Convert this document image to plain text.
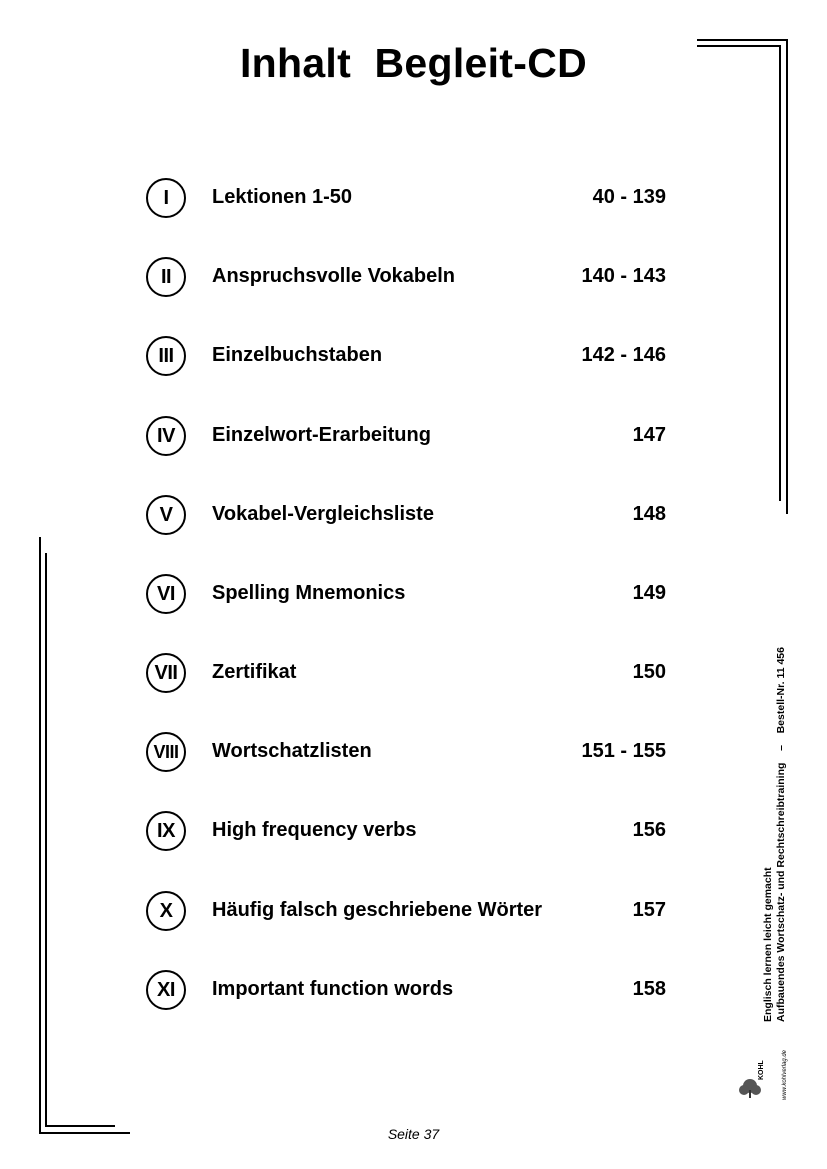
Inhalt  Begleit-CD
I	Lektionen 1-50	40 - 139
II	Anspruchsvolle Vokabeln	140 - 143
III	Einzelbuchstaben	142 - 146
IV	Einzelwort-Erarbeitung	147
V	Vokabel-Vergleichsliste	148
VI	Spelling Mnemonics	149
VII	Zertifikat	150
VIII	Wortschatzlisten	151 - 155
IX	High frequency verbs	156
X	Häufig falsch geschriebene Wörter	157
XI	Important function words	158	Englisch lernen leicht gemacht Aufbauendes Wortschatz- und Rechtschreibtraining    –    Bestell-Nr. 11 456
KOHL	www.kohlverlag.de
Seite 37
